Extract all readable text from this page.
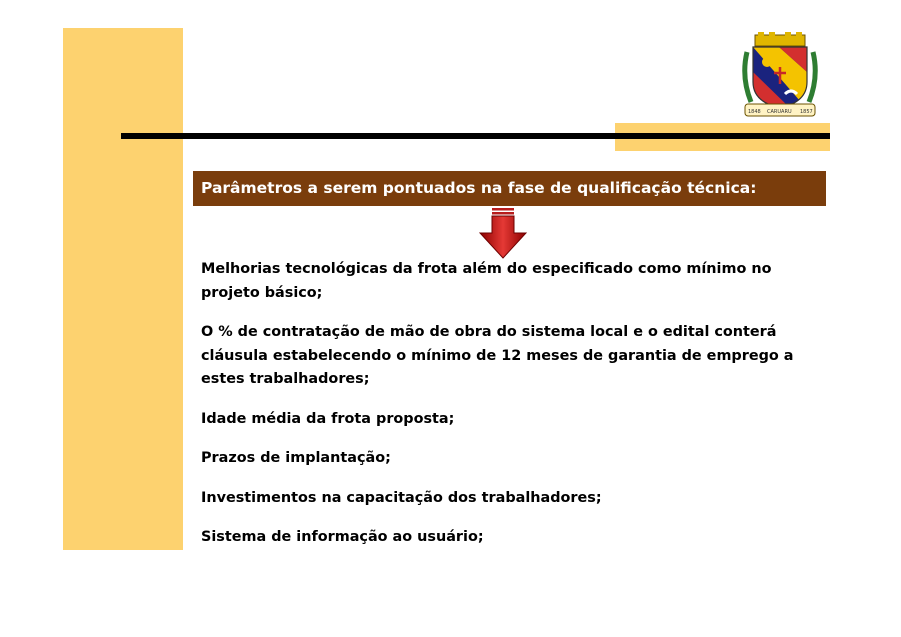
1848 CARUARU 1857
Parâmetros a serem pontuados na fase de qualificação técnica:
Melhorias tecnológicas da frota além do especificado como mínimo no projeto básico;
O % de contratação de mão de obra do sistema local e o edital conterá cláusula estabelecendo o mínimo de 12 meses de garantia de emprego a estes trabalhadores;
Idade média da frota proposta;
Prazos de implantação;
Investimentos na capacitação dos trabalhadores;
Sistema de informação ao usuário;
